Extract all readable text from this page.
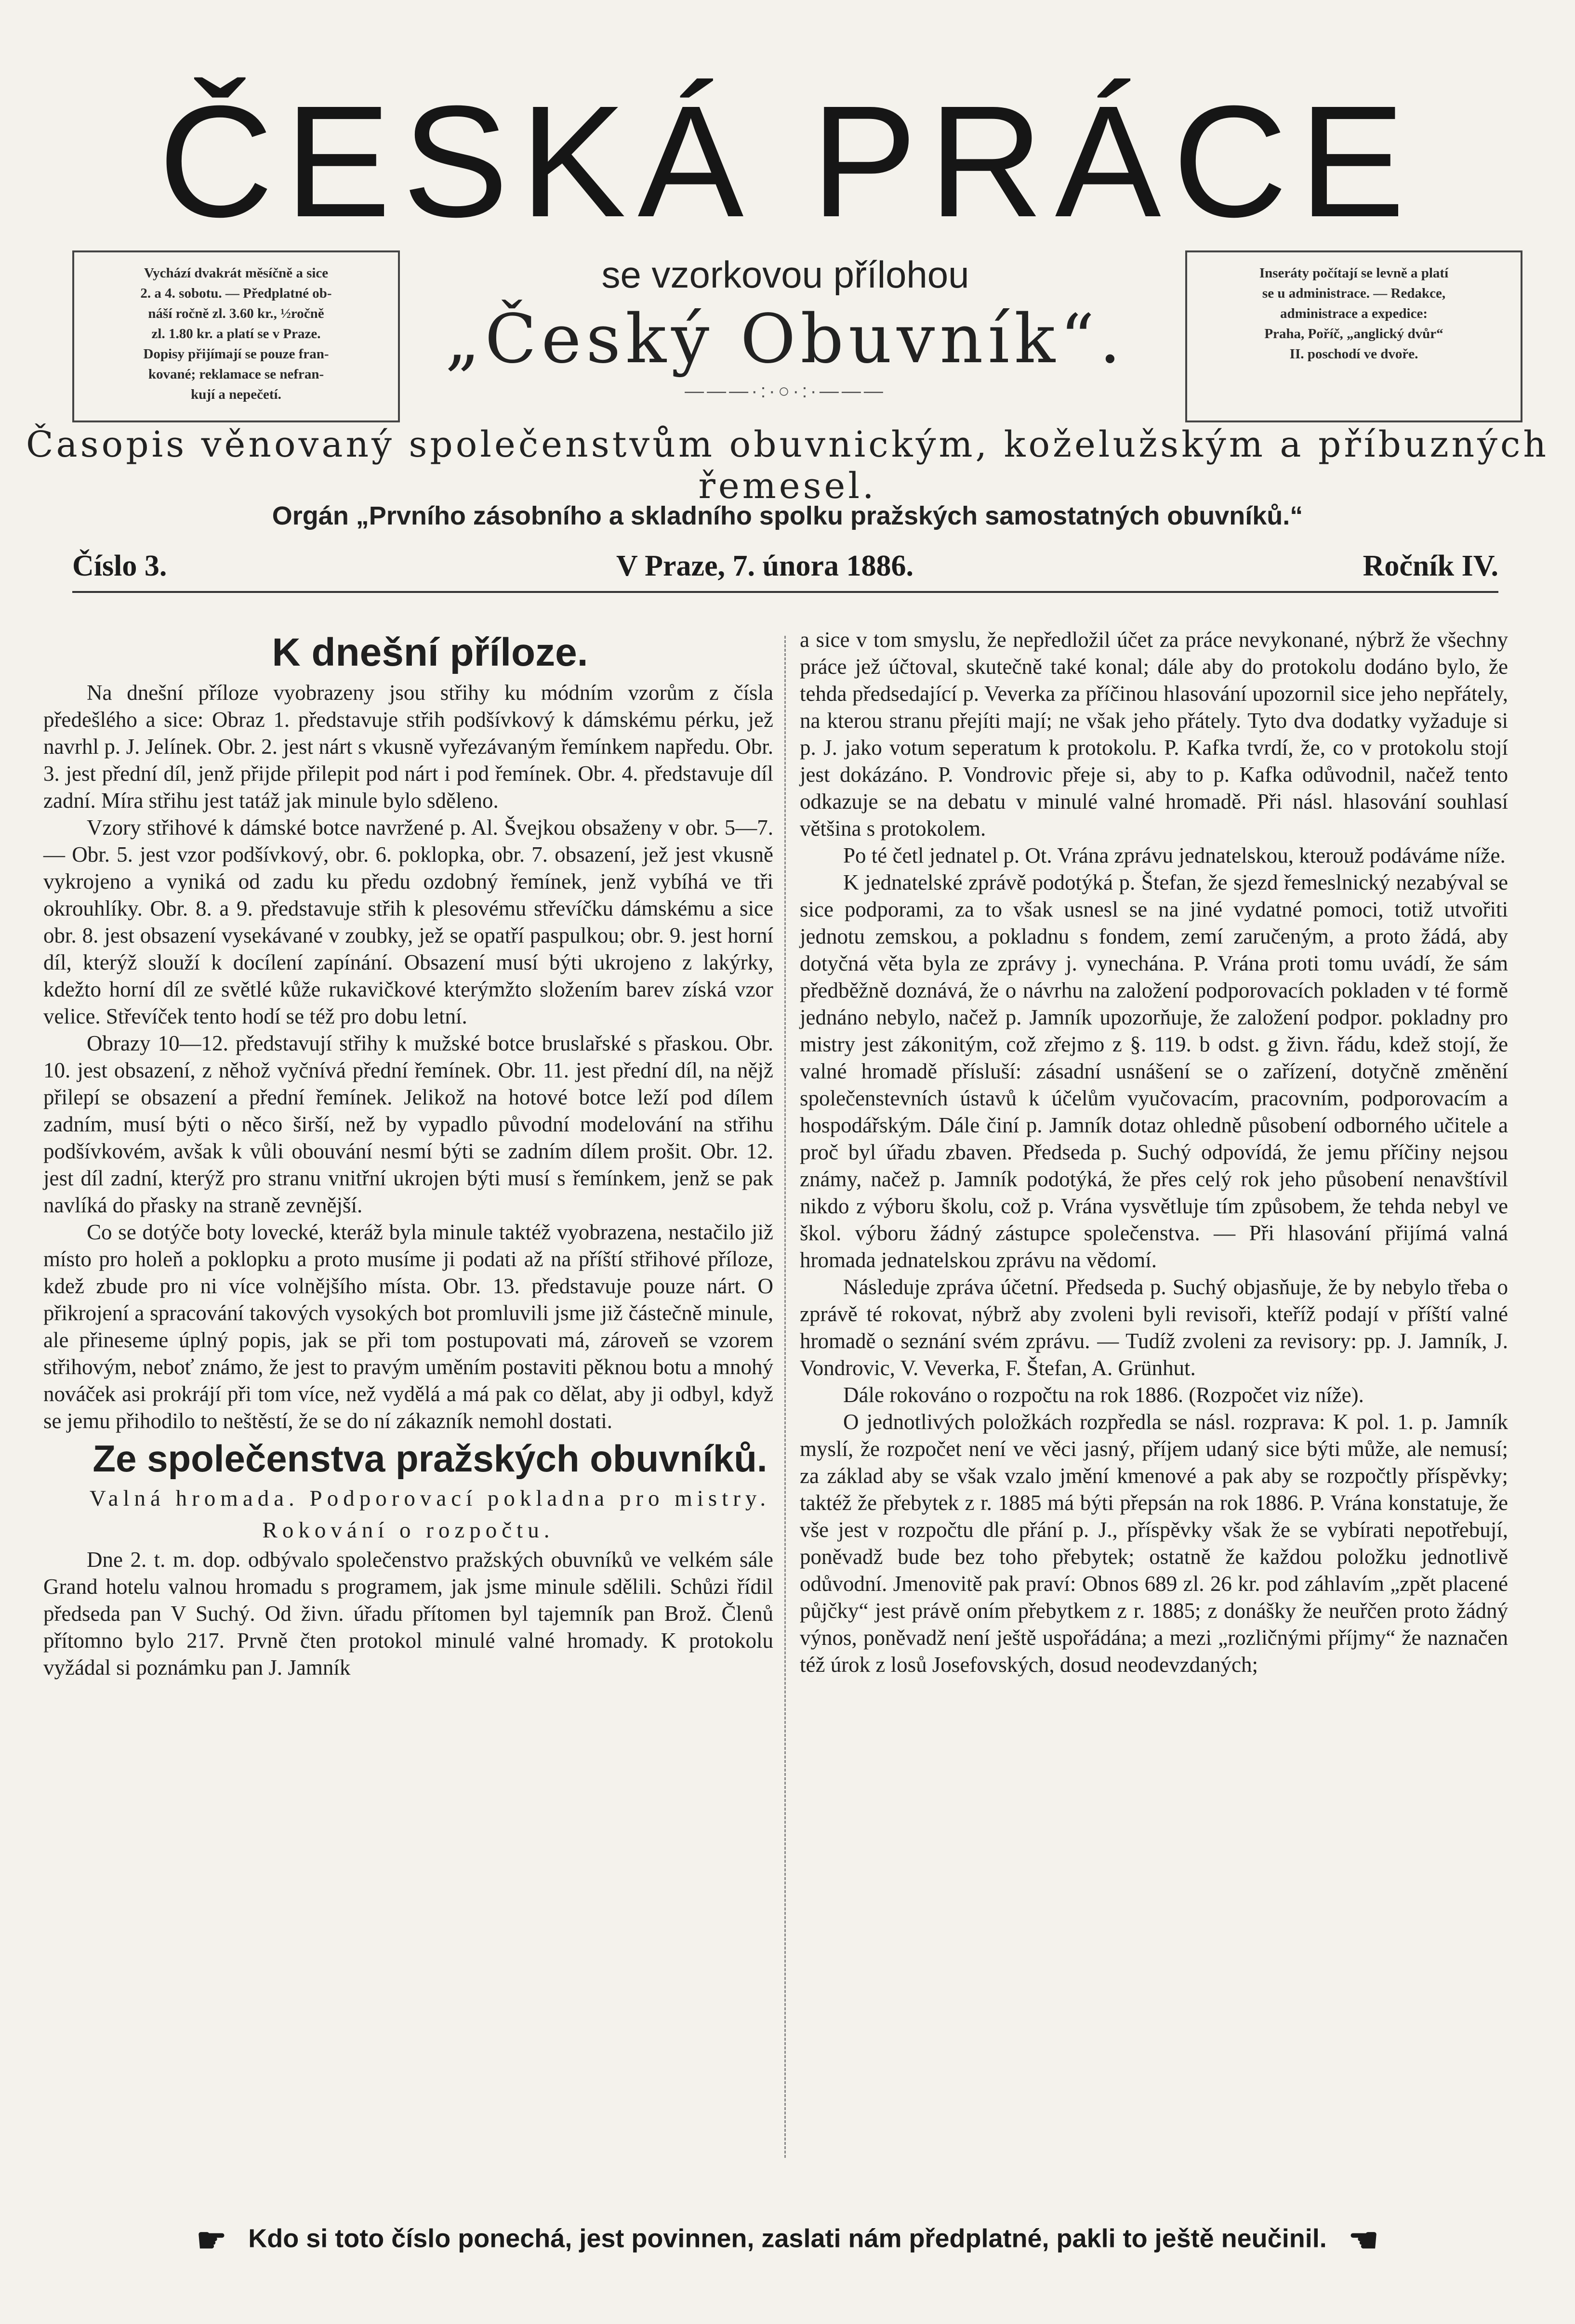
ČESKÁ PRÁCE

Vychází dvakrát měsíčně a sice

2. a 4. sobotu. — Předplatné ob-

náší ročně zl. 3.60 kr., ½ročně

zl. 1.80 kr. a platí se v Praze.

Dopisy přijímají se pouze fran-

kované; reklamace se nefran-

kují a nepečetí.

se vzorkovou přílohou
„Český Obuvník“.
———·:·○·:·———

Inseráty počítají se levně a platí

se u administrace. — Redakce,

administrace a expedice:

Praha, Poříč, „anglický dvůr“

II. poschodí ve dvoře.

Časopis věnovaný společenstvům obuvnickým, koželužským a příbuzných řemesel.
Orgán „Prvního zásobního a skladního spolku pražských samostatných obuvníků.“
Číslo 3.	V Praze, 7. února 1886.	Ročník IV.

K dnešní příloze.

Na dnešní příloze vyobrazeny jsou střihy ku módním vzorům z čísla předešlého a sice: Obraz 1. představuje střih podšívkový k dámskému pérku, jež navrhl p. J. Jelínek. Obr. 2. jest nárt s vkusně vyřezávaným řemínkem napředu. Obr. 3. jest přední díl, jenž přijde přilepit pod nárt i pod řemínek. Obr. 4. představuje díl zadní. Míra střihu jest tatáž jak minule bylo sděleno.

Vzory střihové k dámské botce navržené p. Al. Švejkou obsaženy v obr. 5—7. — Obr. 5. jest vzor podšívkový, obr. 6. poklopka, obr. 7. obsazení, jež jest vkusně vykrojeno a vyniká od zadu ku předu ozdobný řemínek, jenž vybíhá ve tři okrouhlíky. Obr. 8. a 9. představuje střih k plesovému střevíčku dámskému a sice obr. 8. jest obsazení vysekávané v zoubky, jež se opatří paspulkou; obr. 9. jest horní díl, kterýž slouží k docílení zapínání. Obsazení musí býti ukrojeno z lakýrky, kdežto horní díl ze světlé kůže rukavičkové kterýmžto složením barev získá vzor velice. Střevíček tento hodí se též pro dobu letní.

Obrazy 10—12. představují střihy k mužské botce bruslařské s přaskou. Obr. 10. jest obsazení, z něhož vyčnívá přední řemínek. Obr. 11. jest přední díl, na nějž přilepí se obsazení a přední řemínek. Jelikož na hotové botce leží pod dílem zadním, musí býti o něco širší, než by vypadlo původní modelování na střihu podšívkovém, avšak k vůli obouvání nesmí býti se zadním dílem prošit. Obr. 12. jest díl zadní, kterýž pro stranu vnitřní ukrojen býti musí s řemínkem, jenž se pak navlíká do přasky na straně zevnější.

Co se dotýče boty lovecké, kteráž byla minule taktéž vyobrazena, nestačilo již místo pro holeň a poklopku a proto musíme ji podati až na příští střihové příloze, kdež zbude pro ni více volnějšího místa. Obr. 13. představuje pouze nárt. O přikrojení a spracování takových vysokých bot promluvili jsme již částečně minule, ale přineseme úplný popis, jak se při tom postupovati má, zároveň se vzorem střihovým, neboť známo, že jest to pravým uměním postaviti pěknou botu a mnohý nováček asi prokrájí při tom více, než vydělá a má pak co dělat, aby ji odbyl, když se jemu přihodilo to neštěstí, že se do ní zákazník nemohl dostati.

Ze společenstva pražských obuvníků.

Valná hromada. Podporovací pokladna pro mistry. Rokování o rozpočtu.

Dne 2. t. m. dop. odbývalo společenstvo pražských obuvníků ve velkém sále Grand hotelu valnou hromadu s programem, jak jsme minule sdělili. Schůzi řídil předseda pan V Suchý. Od živn. úřadu přítomen byl tajemník pan Brož. Členů přítomno bylo 217. Prvně čten protokol minulé valné hromady. K protokolu vyžádal si poznámku pan J. Jamník

a sice v tom smyslu, že nepředložil účet za práce nevykonané, nýbrž že všechny práce jež účtoval, skutečně také konal; dále aby do protokolu dodáno bylo, že tehda předsedající p. Veverka za příčinou hlasování upozornil sice jeho nepřátely, na kterou stranu přejíti mají; ne však jeho přátely. Tyto dva dodatky vyžaduje si p. J. jako votum seperatum k protokolu. P. Kafka tvrdí, že, co v protokolu stojí jest dokázáno. P. Vondrovic přeje si, aby to p. Kafka odůvodnil, načež tento odkazuje se na debatu v minulé valné hromadě. Při násl. hlasování souhlasí většina s protokolem.

Po té četl jednatel p. Ot. Vrána zprávu jednatelskou, kterouž podáváme níže.

K jednatelské zprávě podotýká p. Štefan, že sjezd řemeslnický nezabýval se sice podporami, za to však usnesl se na jiné vydatné pomoci, totiž utvořiti jednotu zemskou, a pokladnu s fondem, zemí zaručeným, a proto žádá, aby dotyčná věta byla ze zprávy j. vynechána. P. Vrána proti tomu uvádí, že sám předběžně doznává, že o návrhu na založení podporovacích pokladen v té formě jednáno nebylo, načež p. Jamník upozorňuje, že založení podpor. pokladny pro mistry jest zákonitým, což zřejmo z §. 119. b odst. g živn. řádu, kdež stojí, že valné hromadě přísluší: zásadní usnášení se o zařízení, dotyčně změnění společenstevních ústavů k účelům vyučovacím, pracovním, podporovacím a hospodářským. Dále činí p. Jamník dotaz ohledně působení odborného učitele a proč byl úřadu zbaven. Předseda p. Suchý odpovídá, že jemu příčiny nejsou známy, načež p. Jamník podotýká, že přes celý rok jeho působení nenavštívil nikdo z výboru školu, což p. Vrána vysvětluje tím způsobem, že tehda nebyl ve škol. výboru žádný zástupce společenstva. — Při hlasování přijímá valná hromada jednatelskou zprávu na vědomí.

Následuje zpráva účetní. Předseda p. Suchý objasňuje, že by nebylo třeba o zprávě té rokovat, nýbrž aby zvoleni byli revisoři, kteříž podají v příští valné hromadě o seznání svém zprávu. — Tudíž zvoleni za revisory: pp. J. Jamník, J. Vondrovic, V. Veverka, F. Štefan, A. Grünhut.

Dále rokováno o rozpočtu na rok 1886. (Rozpočet viz níže).

O jednotlivých položkách rozpředla se násl. rozprava: K pol. 1. p. Jamník myslí, že rozpočet není ve věci jasný, příjem udaný sice býti může, ale nemusí; za základ aby se však vzalo jmění kmenové a pak aby se rozpočtly příspěvky; taktéž že přebytek z r. 1885 má býti přepsán na rok 1886. P. Vrána konstatuje, že vše jest v rozpočtu dle přání p. J., příspěvky však že se vybírati nepotřebují, poněvadž bude bez toho přebytek; ostatně že každou položku jednotlivě odůvodní. Jmenovitě pak praví: Obnos 689 zl. 26 kr. pod záhlavím „zpět placené půjčky“ jest právě oním přebytkem z r. 1885; z donášky že neuřčen proto žádný výnos, poněvadž není ještě uspořádána; a mezi „rozličnými příjmy“ že naznačen též úrok z losů Josefovských, dosud neodevzdaných;

☛ Kdo si toto číslo ponechá, jest povinnen, zaslati nám předplatné, pakli to ještě neučinil. ☚
